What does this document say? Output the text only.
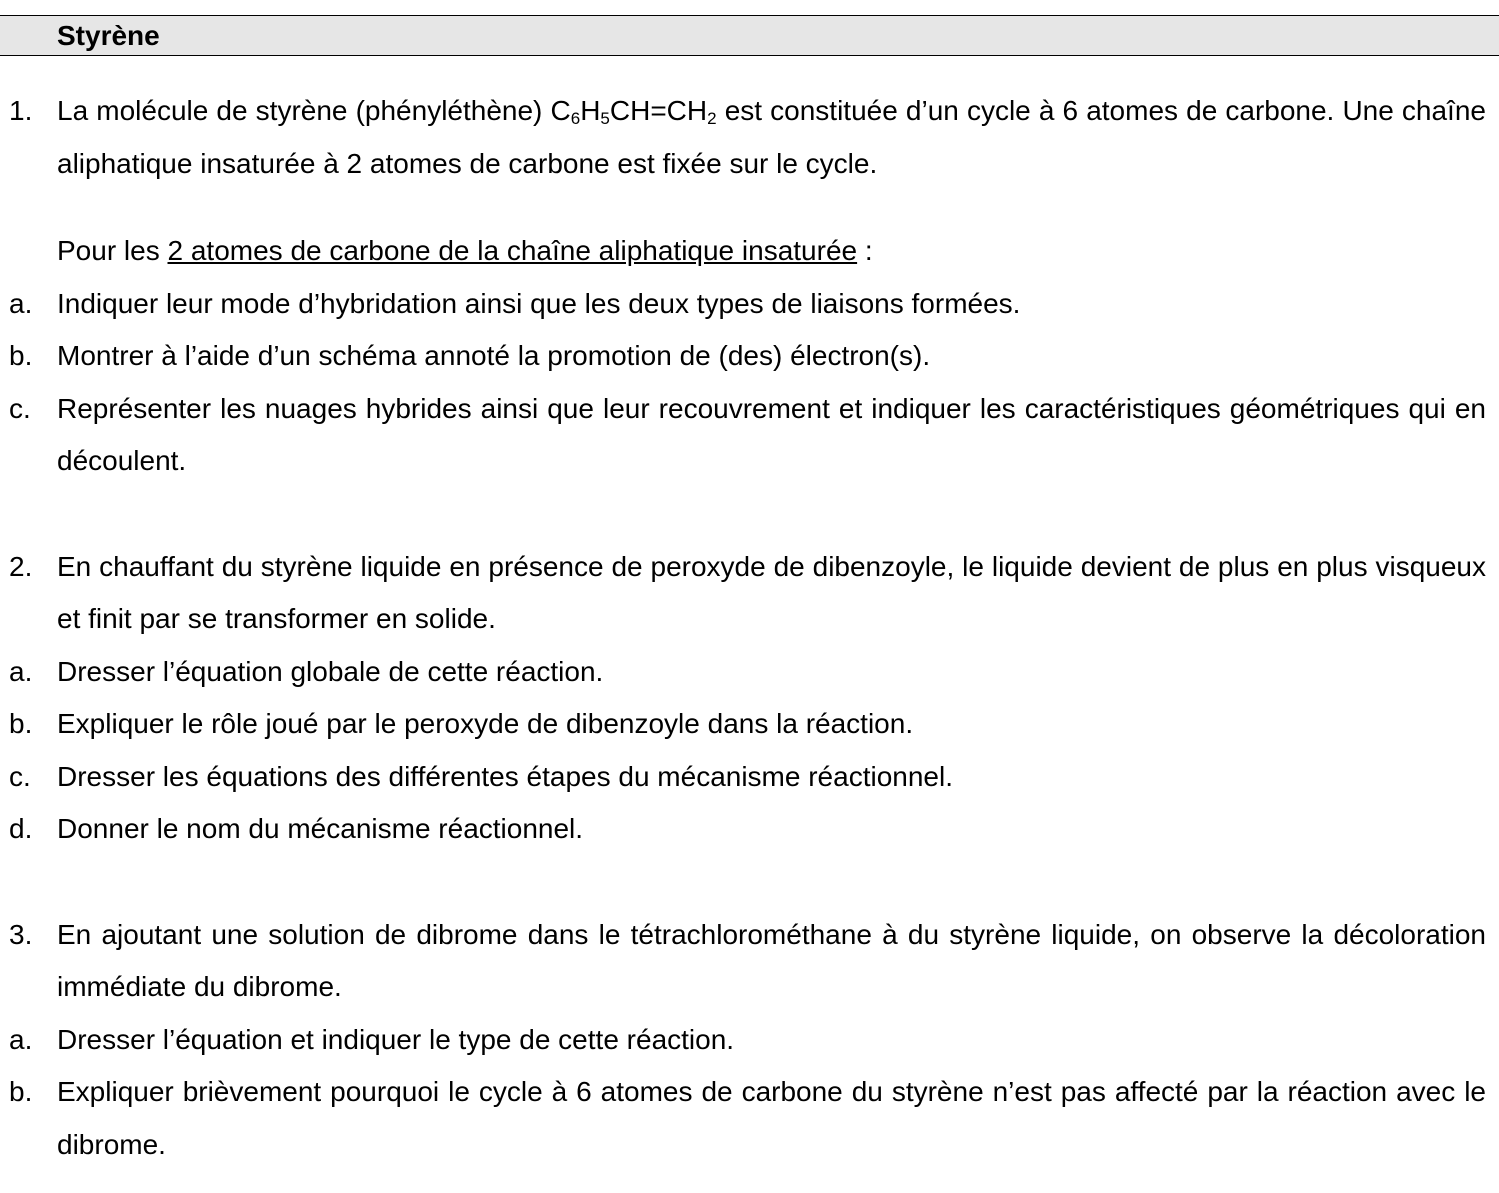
Styrène
1. La molécule de styrène (phényléthène) $C_6H_5CH=CH_2$ est constituée d’un cycle à 6 atomes de carbone. Une chaîne aliphatique insaturée à 2 atomes de carbone est fixée sur le cycle.
Pour les 2 atomes de carbone de la chaîne aliphatique insaturée :
a. Indiquer leur mode d’hybridation ainsi que les deux types de liaisons formées.
b. Montrer à l’aide d’un schéma annoté la promotion de (des) électron(s).
c. Représenter les nuages hybrides ainsi que leur recouvrement et indiquer les caractéristiques géométriques qui en découlent.
2. En chauffant du styrène liquide en présence de peroxyde de dibenzoyle, le liquide devient de plus en plus visqueux et finit par se transformer en solide.
a. Dresser l’équation globale de cette réaction.
b. Expliquer le rôle joué par le peroxyde de dibenzoyle dans la réaction.
c. Dresser les équations des différentes étapes du mécanisme réactionnel.
d. Donner le nom du mécanisme réactionnel.
3. En ajoutant une solution de dibrome dans le tétrachlorométhane à du styrène liquide, on observe la décoloration immédiate du dibrome.
a. Dresser l’équation et indiquer le type de cette réaction.
b. Expliquer brièvement pourquoi le cycle à 6 atomes de carbone du styrène n’est pas affecté par la réaction avec le dibrome.
